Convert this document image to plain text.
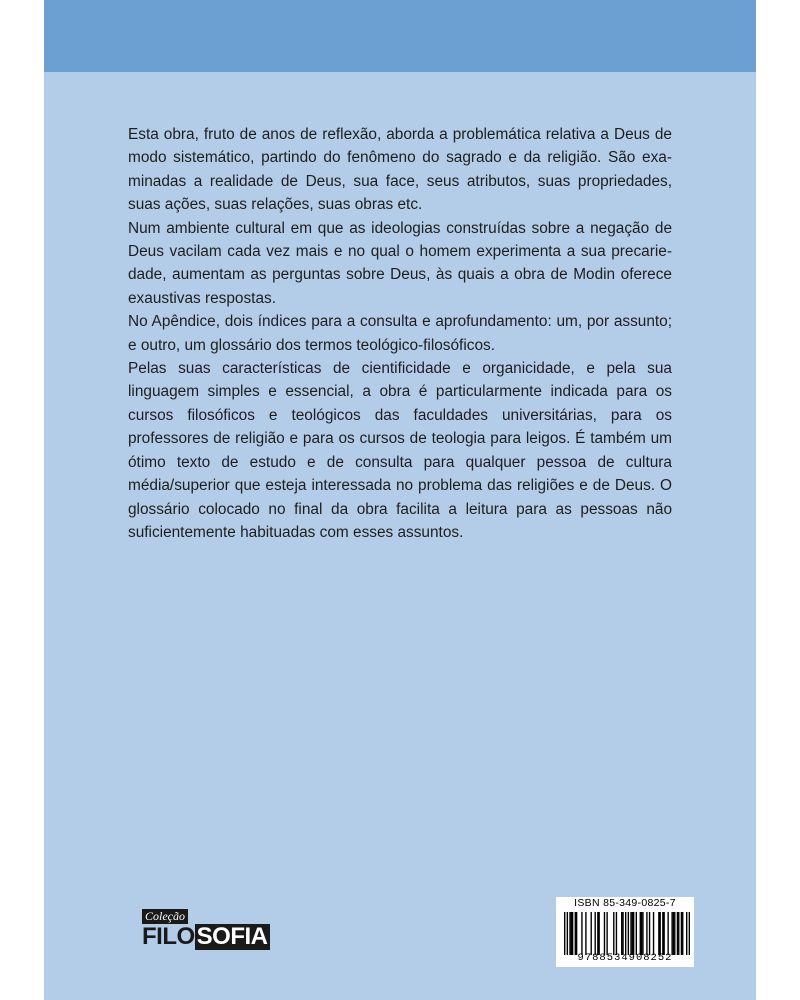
Esta obra, fruto de anos de reflexão, aborda a problemática relativa a Deus de modo sistemático, partindo do fenômeno do sagrado e da religião. São examinadas a realidade de Deus, sua face, seus atributos, suas propriedades, suas ações, suas relações, suas obras etc.

Num ambiente cultural em que as ideologias construídas sobre a negação de Deus vacilam cada vez mais e no qual o homem experimenta a sua precariedade, aumentam as perguntas sobre Deus, às quais a obra de Modin oferece exaustivas respostas.

No Apêndice, dois índices para a consulta e aprofundamento: um, por assunto; e outro, um glossário dos termos teológico-filosóficos.

Pelas suas características de cientificidade e organicidade, e pela sua linguagem simples e essencial, a obra é particularmente indicada para os cursos filosóficos e teológicos das faculdades universitárias, para os professores de religião e para os cursos de teologia para leigos. É também um ótimo texto de estudo e de consulta para qualquer pessoa de cultura média/superior que esteja interessada no problema das religiões e de Deus. O glossário colocado no final da obra facilita a leitura para as pessoas não suficientemente habituadas com esses assuntos.

Coleção
FILO SOFIA
ISBN 85-349-0825-7
9788534908252
